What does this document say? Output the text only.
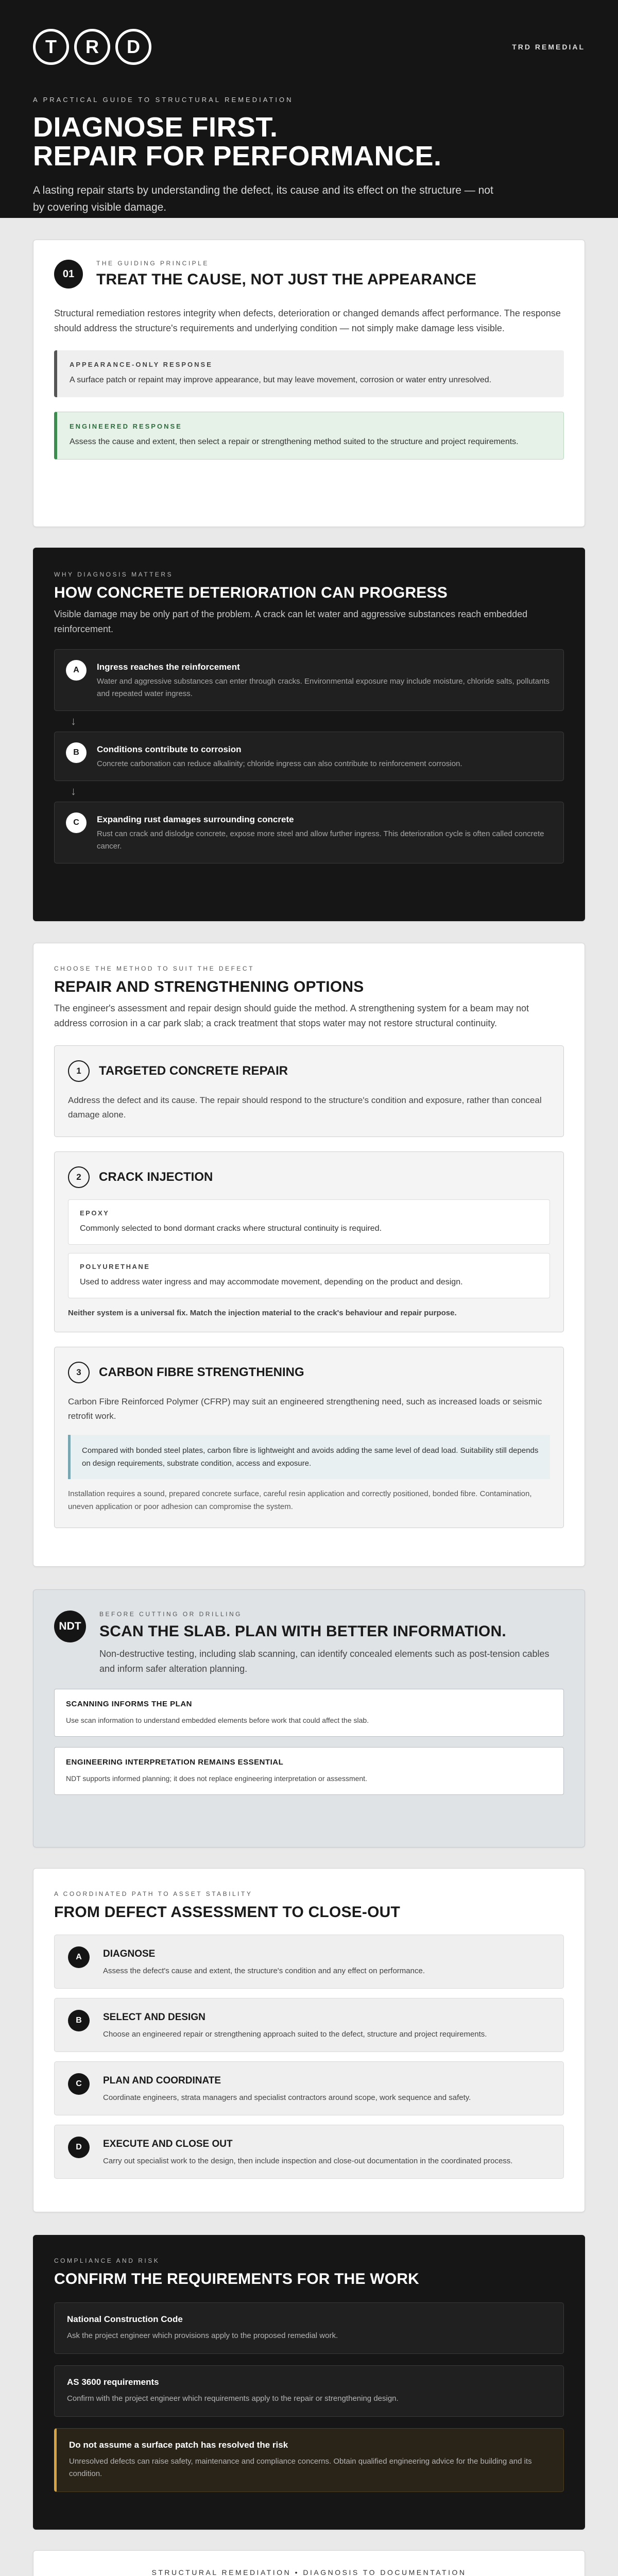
T	R	D	TRD REMEDIAL
A PRACTICAL GUIDE TO STRUCTURAL REMEDIATION
DIAGNOSE FIRST.
REPAIR FOR PERFORMANCE.

A lasting repair starts by understanding the defect, its cause and its effect on the structure — not by covering visible damage.

01
THE GUIDING PRINCIPLE
TREAT THE CAUSE, NOT JUST THE APPEARANCE

Structural remediation restores integrity when defects, deterioration or changed demands affect performance. The response should address the structure's requirements and underlying condition — not simply make damage less visible.

APPEARANCE-ONLY RESPONSE
A surface patch or repaint may improve appearance, but may leave movement, corrosion or water entry unresolved.
ENGINEERED RESPONSE
Assess the cause and extent, then select a repair or strengthening method suited to the structure and project requirements.
WHY DIAGNOSIS MATTERS
HOW CONCRETE DETERIORATION CAN PROGRESS

Visible damage may be only part of the problem. A crack can let water and aggressive substances reach embedded reinforcement.

A	Ingress reaches the reinforcement
Water and aggressive substances can enter through cracks. Environmental exposure may include moisture, chloride salts, pollutants and repeated water ingress.
↓
B	Conditions contribute to corrosion
Concrete carbonation can reduce alkalinity; chloride ingress can also contribute to reinforcement corrosion.
↓
C	Expanding rust damages surrounding concrete
Rust can crack and dislodge concrete, expose more steel and allow further ingress. This deterioration cycle is often called concrete cancer.
CHOOSE THE METHOD TO SUIT THE DEFECT
REPAIR AND STRENGTHENING OPTIONS

The engineer's assessment and repair design should guide the method. A strengthening system for a beam may not address corrosion in a car park slab; a crack treatment that stops water may not restore structural continuity.

1	TARGETED CONCRETE REPAIR
Address the defect and its cause. The repair should respond to the structure's condition and exposure, rather than conceal damage alone.
2	CRACK INJECTION
EPOXY
Commonly selected to bond dormant cracks where structural continuity is required.
POLYURETHANE
Used to address water ingress and may accommodate movement, depending on the product and design.
Neither system is a universal fix. Match the injection material to the crack's behaviour and repair purpose.
3	CARBON FIBRE STRENGTHENING
Carbon Fibre Reinforced Polymer (CFRP) may suit an engineered strengthening need, such as increased loads or seismic retrofit work.
Compared with bonded steel plates, carbon fibre is lightweight and avoids adding the same level of dead load. Suitability still depends on design requirements, substrate condition, access and exposure.
Installation requires a sound, prepared concrete surface, careful resin application and correctly positioned, bonded fibre. Contamination, uneven application or poor adhesion can compromise the system.
NDT
BEFORE CUTTING OR DRILLING
SCAN THE SLAB. PLAN WITH BETTER INFORMATION.

Non-destructive testing, including slab scanning, can identify concealed elements such as post-tension cables and inform safer alteration planning.

SCANNING INFORMS THE PLAN
Use scan information to understand embedded elements before work that could affect the slab.
ENGINEERING INTERPRETATION REMAINS ESSENTIAL
NDT supports informed planning; it does not replace engineering interpretation or assessment.
A COORDINATED PATH TO ASSET STABILITY
FROM DEFECT ASSESSMENT TO CLOSE-OUT
A	DIAGNOSE
Assess the defect's cause and extent, the structure's condition and any effect on performance.
B	SELECT AND DESIGN
Choose an engineered repair or strengthening approach suited to the defect, structure and project requirements.
C	PLAN AND COORDINATE
Coordinate engineers, strata managers and specialist contractors around scope, work sequence and safety.
D	EXECUTE AND CLOSE OUT
Carry out specialist work to the design, then include inspection and close-out documentation in the coordinated process.
COMPLIANCE AND RISK
CONFIRM THE REQUIREMENTS FOR THE WORK
National Construction Code
Ask the project engineer which provisions apply to the proposed remedial work.
AS 3600 requirements
Confirm with the project engineer which requirements apply to the repair or strengthening design.
Do not assume a surface patch has resolved the risk
Unresolved defects can raise safety, maintenance and compliance concerns. Obtain qualified engineering advice for the building and its condition.
STRUCTURAL REMEDIATION • DIAGNOSIS TO DOCUMENTATION
